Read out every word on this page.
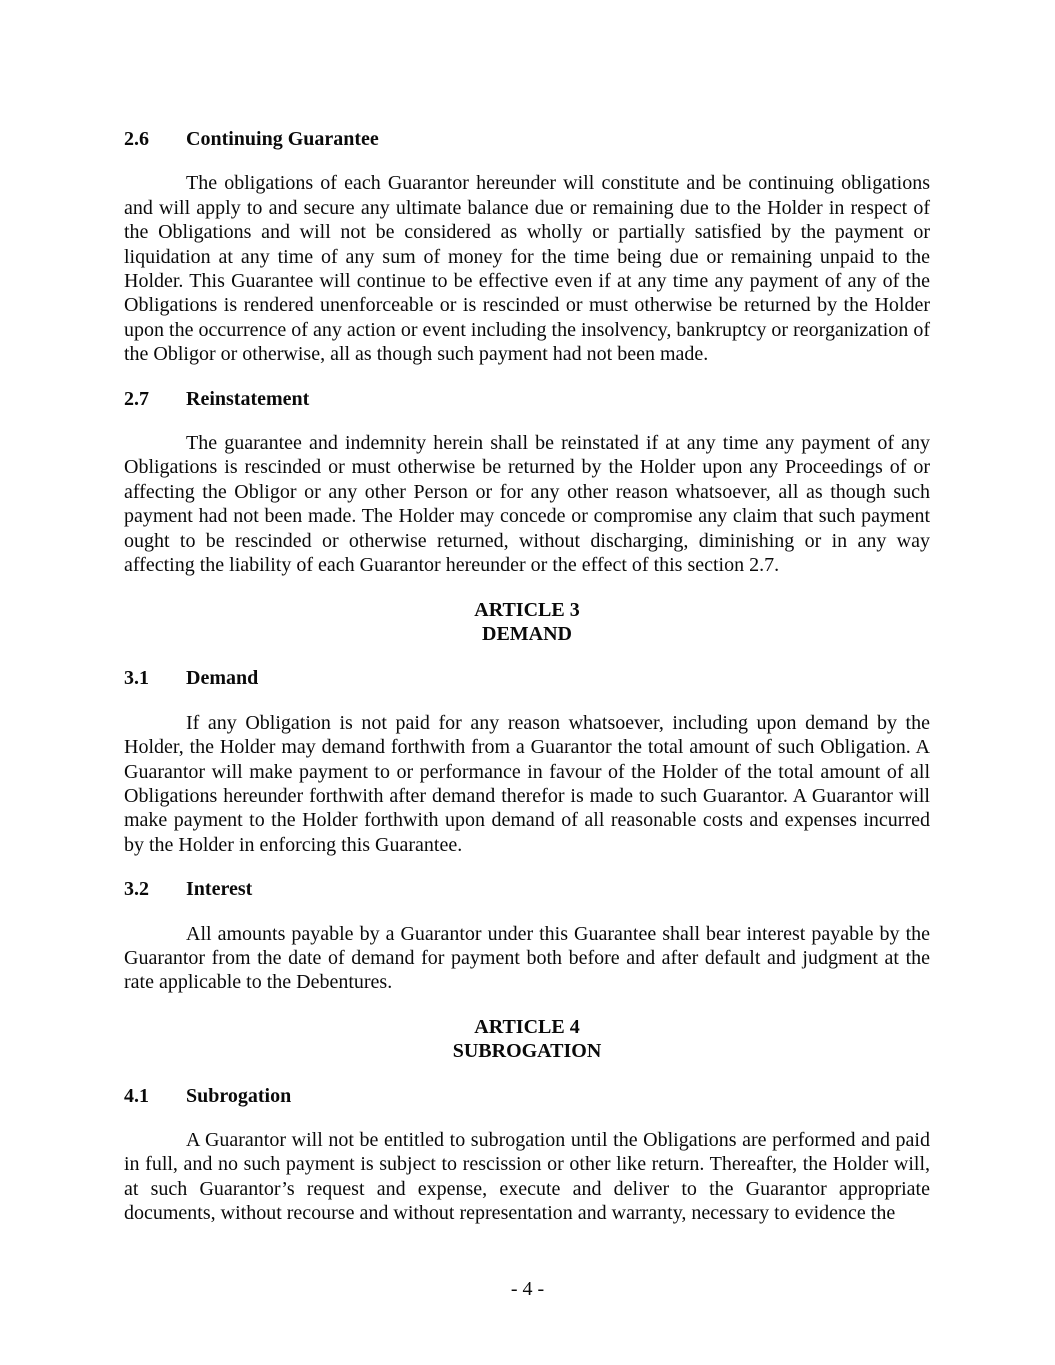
2.6 Continuing Guarantee

The obligations of each Guarantor hereunder will constitute and be continuing obligations and will apply to and secure any ultimate balance due or remaining due to the Holder in respect of the Obligations and will not be considered as wholly or partially satisfied by the payment or liquidation at any time of any sum of money for the time being due or remaining unpaid to the Holder. This Guarantee will continue to be effective even if at any time any payment of any of the Obligations is rendered unenforceable or is rescinded or must otherwise be returned by the Holder upon the occurrence of any action or event including the insolvency, bankruptcy or reorganization of the Obligor or otherwise, all as though such payment had not been made.

2.7 Reinstatement

The guarantee and indemnity herein shall be reinstated if at any time any payment of any Obligations is rescinded or must otherwise be returned by the Holder upon any Proceedings of or affecting the Obligor or any other Person or for any other reason whatsoever, all as though such payment had not been made. The Holder may concede or compromise any claim that such payment ought to be rescinded or otherwise returned, without discharging, diminishing or in any way affecting the liability of each Guarantor hereunder or the effect of this section 2.7.

ARTICLE 3
DEMAND
3.1 Demand

If any Obligation is not paid for any reason whatsoever, including upon demand by the Holder, the Holder may demand forthwith from a Guarantor the total amount of such Obligation. A Guarantor will make payment to or performance in favour of the Holder of the total amount of all Obligations hereunder forthwith after demand therefor is made to such Guarantor. A Guarantor will make payment to the Holder forthwith upon demand of all reasonable costs and expenses incurred by the Holder in enforcing this Guarantee.

3.2 Interest

All amounts payable by a Guarantor under this Guarantee shall bear interest payable by the Guarantor from the date of demand for payment both before and after default and judgment at the rate applicable to the Debentures.

ARTICLE 4
SUBROGATION
4.1 Subrogation

A Guarantor will not be entitled to subrogation until the Obligations are performed and paid in full, and no such payment is subject to rescission or other like return. Thereafter, the Holder will, at such Guarantor’s request and expense, execute and deliver to the Guarantor appropriate documents, without recourse and without representation and warranty, necessary to evidence the

- 4 -
